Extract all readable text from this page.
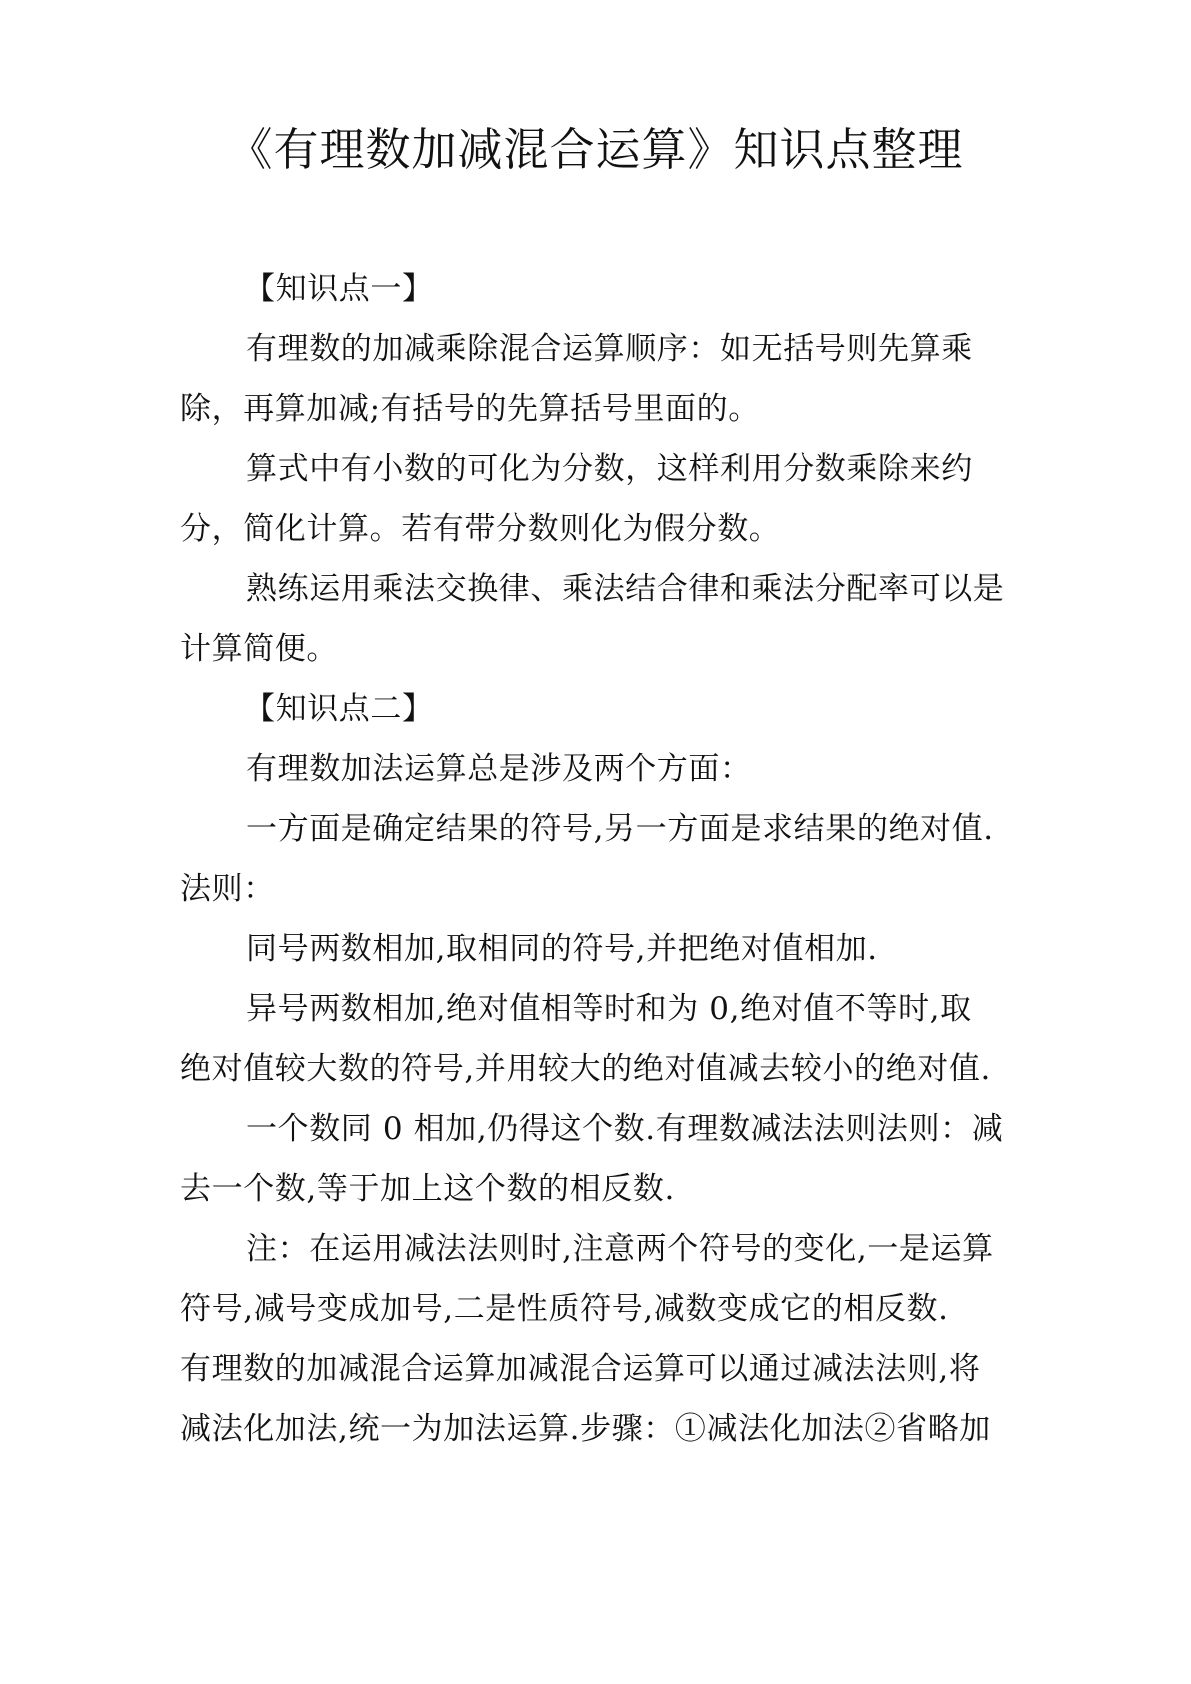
《有理数加减混合运算》知识点整理
【知识点一】
有理数的加减乘除混合运算顺序：如无括号则先算乘
除，再算加减;有括号的先算括号里面的。
算式中有小数的可化为分数，这样利用分数乘除来约
分，简化计算。若有带分数则化为假分数。
熟练运用乘法交换律、乘法结合律和乘法分配率可以是
计算简便。
【知识点二】
有理数加法运算总是涉及两个方面：
一方面是确定结果的符号,另一方面是求结果的绝对值.
法则：
同号两数相加,取相同的符号,并把绝对值相加.
异号两数相加,绝对值相等时和为 0,绝对值不等时,取
绝对值较大数的符号,并用较大的绝对值减去较小的绝对值.
一个数同 0 相加,仍得这个数.有理数减法法则法则：减
去一个数,等于加上这个数的相反数.
注：在运用减法法则时,注意两个符号的变化,一是运算
符号,减号变成加号,二是性质符号,减数变成它的相反数.
有理数的加减混合运算加减混合运算可以通过减法法则,将
减法化加法,统一为加法运算.步骤：①减法化加法②省略加
